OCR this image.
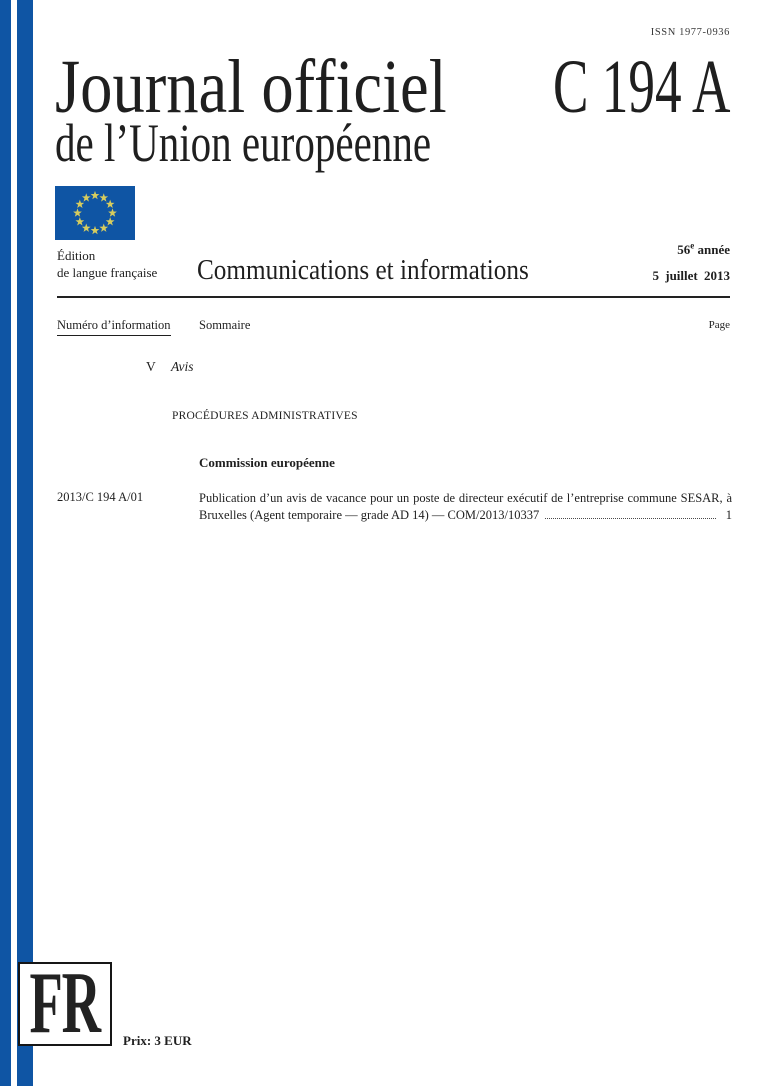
ISSN 1977-0936
Journal officiel C 194 A
de l’Union européenne
Édition
de langue française Communications et informations
56e année
5 juillet 2013
Numéro d’information Sommaire	Page
V Avis
PROCÉDURES ADMINISTRATIVES
Commission européenne
2013/C 194 A/01	Publication d’un avis de vacance pour un poste de directeur exécutif de l’entreprise commune SESAR, à
Bruxelles (Agent temporaire — grade AD 14) — COM/2013/10337	1
FR Prix: 3 EUR
